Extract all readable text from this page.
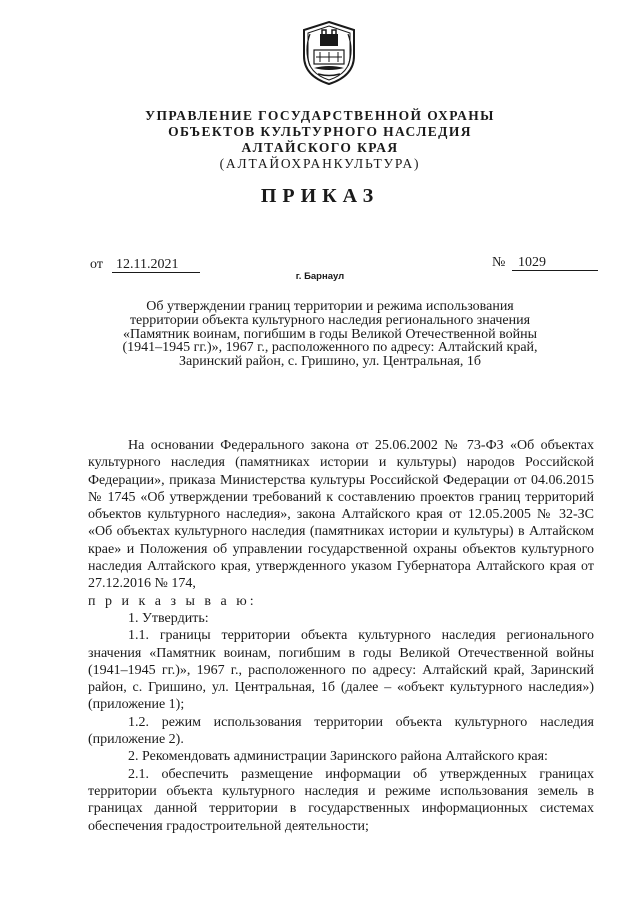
УПРАВЛЕНИЕ ГОСУДАРСТВЕННОЙ ОХРАНЫ
ОБЪЕКТОВ КУЛЬТУРНОГО НАСЛЕДИЯ
АЛТАЙСКОГО КРАЯ
(АЛТАЙОХРАНКУЛЬТУРА)
ПРИКАЗ
от 12.11.2021	№ 1029
г. Барнаул
Об утверждении границ территории и режима использования территории объекта культурного наследия регионального значения «Памятник воинам, погибшим в годы Великой Отечественной войны (1941–1945 гг.)», 1967 г., расположенного по адресу: Алтайский край, Заринский район, с. Гришино, ул. Центральная, 1б

На основании Федерального закона от 25.06.2002 № 73-ФЗ «Об объектах культурного наследия (памятниках истории и культуры) народов Российской Федерации», приказа Министерства культуры Российской Федерации от 04.06.2015 № 1745 «Об утверждении требований к составлению проектов границ территорий объектов культурного наследия», закона Алтайского края от 12.05.2005 № 32-ЗС «Об объектах культурного наследия (памятниках истории и культуры) в Алтайском крае» и Положения об управлении государственной охраны объектов культурного наследия Алтайского края, утвержденного указом Губернатора Алтайского края от 27.12.2016 № 174,

п р и к а з ы в а ю:

1. Утвердить:

1.1. границы территории объекта культурного наследия регионального значения «Памятник воинам, погибшим в годы Великой Отечественной войны (1941–1945 гг.)», 1967 г., расположенного по адресу: Алтайский край, Заринский район, с. Гришино, ул. Центральная, 1б (далее – «объект культурного наследия») (приложение 1);

1.2. режим использования территории объекта культурного наследия (приложение 2).

2. Рекомендовать администрации Заринского района Алтайского края:

2.1. обеспечить размещение информации об утвержденных границах территории объекта культурного наследия и режиме использования земель в границах данной территории в государственных информационных системах обеспечения градостроительной деятельности;
